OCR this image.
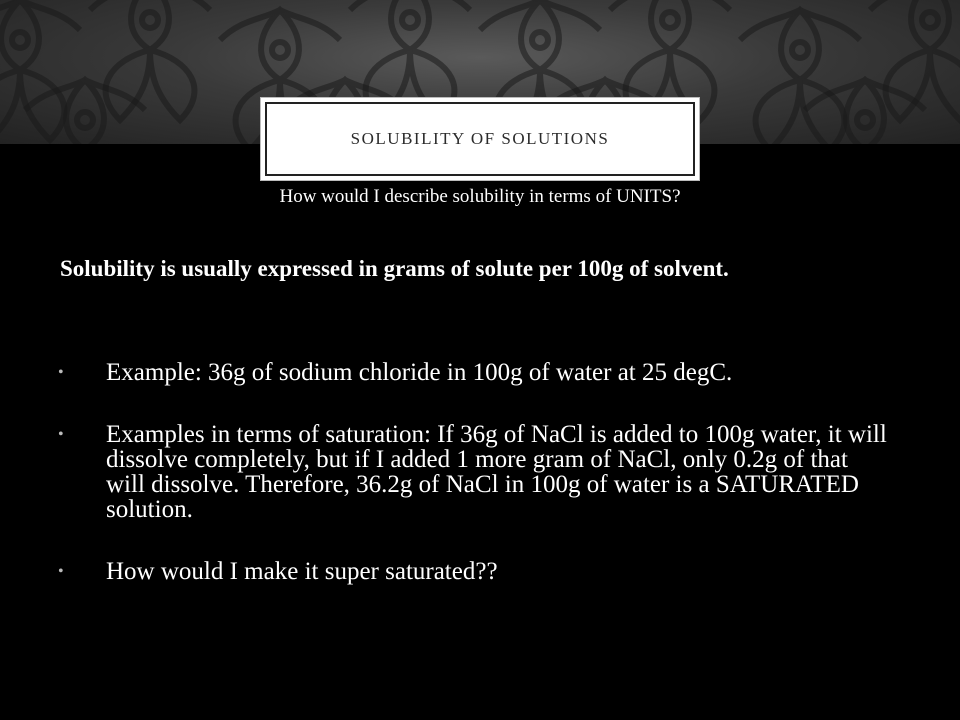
SOLUBILITY OF SOLUTIONS
How would I describe solubility in terms of UNITS?
Solubility is usually expressed in grams of solute per 100g of solvent.
• Example: 36g of sodium chloride in 100g of water at 25 degC.
• Examples in terms of saturation: If 36g of NaCl is added to 100g water, it will dissolve completely, but if I added 1 more gram of NaCl, only 0.2g of that will dissolve. Therefore, 36.2g of NaCl in 100g of water is a SATURATED solution.
• How would I make it super saturated??
